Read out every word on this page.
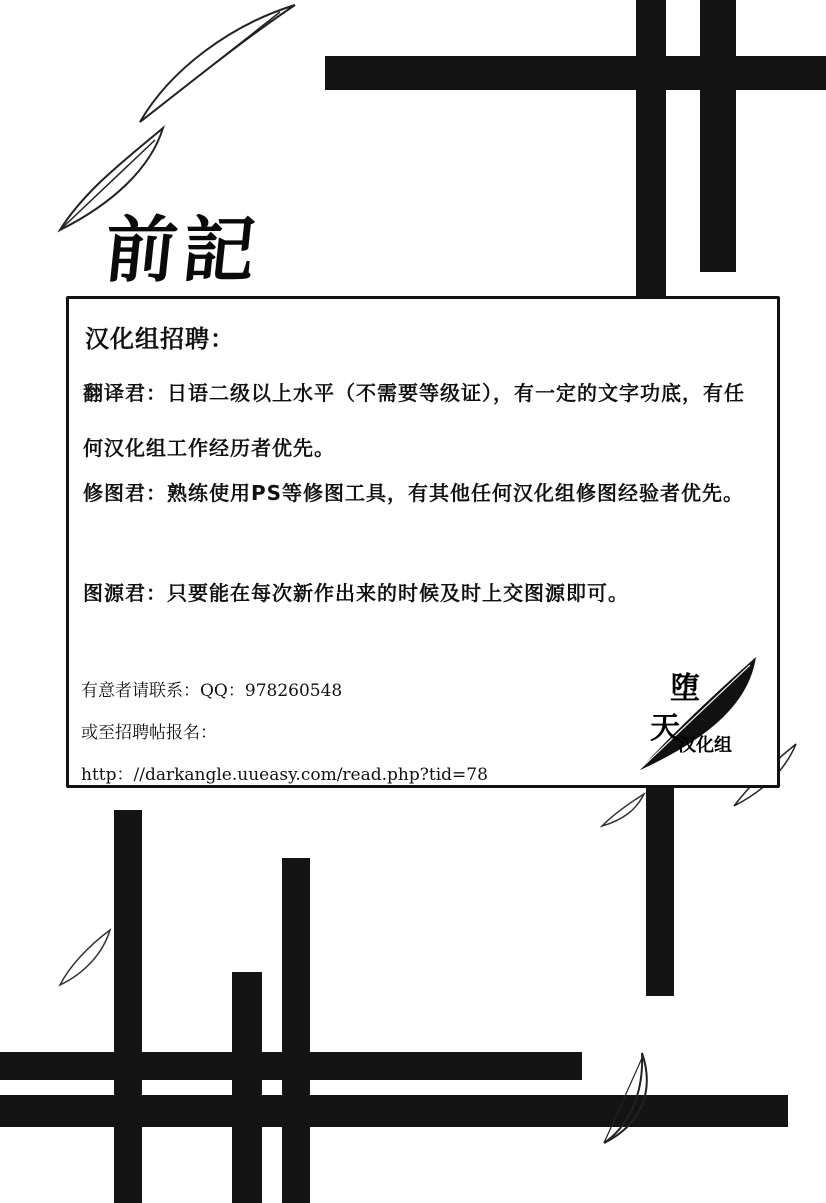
前記
汉化组招聘：
翻译君：日语二级以上水平（不需要等级证），有一定的文字功底，有任何汉化组工作经历者优先。
修图君：熟练使用PS等修图工具，有其他任何汉化组修图经验者优先。
图源君：只要能在每次新作出来的时候及时上交图源即可。
有意者请联系：QQ：978260548
或至招聘帖报名：
http：//darkangle.uueasy.com/read.php?tid=78
堕
天
汉化组
